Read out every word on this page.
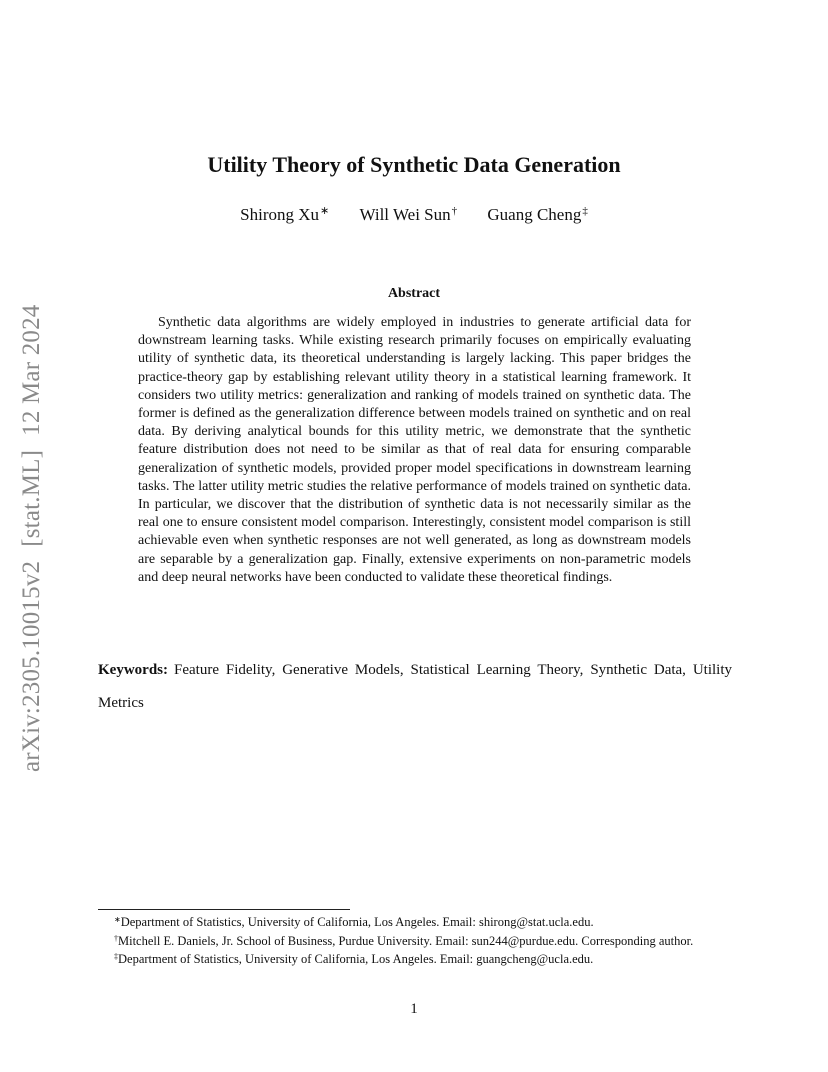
arXiv:2305.10015v2[stat.ML]12 Mar 2024
Utility Theory of Synthetic Data Generation
Shirong Xu∗ Will Wei Sun† Guang Cheng‡
Abstract

Synthetic data algorithms are widely employed in industries to generate artificial data for downstream learning tasks. While existing research primarily focuses on empirically evaluating utility of synthetic data, its theoretical understanding is largely lacking. This paper bridges the practice-theory gap by establishing relevant utility theory in a statistical learning framework. It considers two utility metrics: generalization and ranking of models trained on synthetic data. The former is defined as the generalization difference between models trained on synthetic and on real data. By deriving analytical bounds for this utility metric, we demonstrate that the synthetic feature distribution does not need to be similar as that of real data for ensuring comparable generalization of synthetic models, provided proper model specifications in downstream learning tasks. The latter utility metric studies the relative performance of models trained on synthetic data. In particular, we discover that the distribution of synthetic data is not necessarily similar as the real one to ensure consistent model comparison. Interestingly, consistent model comparison is still achievable even when synthetic responses are not well generated, as long as downstream models are separable by a generalization gap. Finally, extensive experiments on non-parametric models and deep neural networks have been conducted to validate these theoretical findings.

Keywords: Feature Fidelity, Generative Models, Statistical Learning Theory, Synthetic Data, Utility Metrics

∗Department of Statistics, University of California, Los Angeles. Email: shirong@stat.ucla.edu.

†Mitchell E. Daniels, Jr. School of Business, Purdue University. Email: sun244@purdue.edu. Corresponding author.

‡Department of Statistics, University of California, Los Angeles. Email: guangcheng@ucla.edu.

1
